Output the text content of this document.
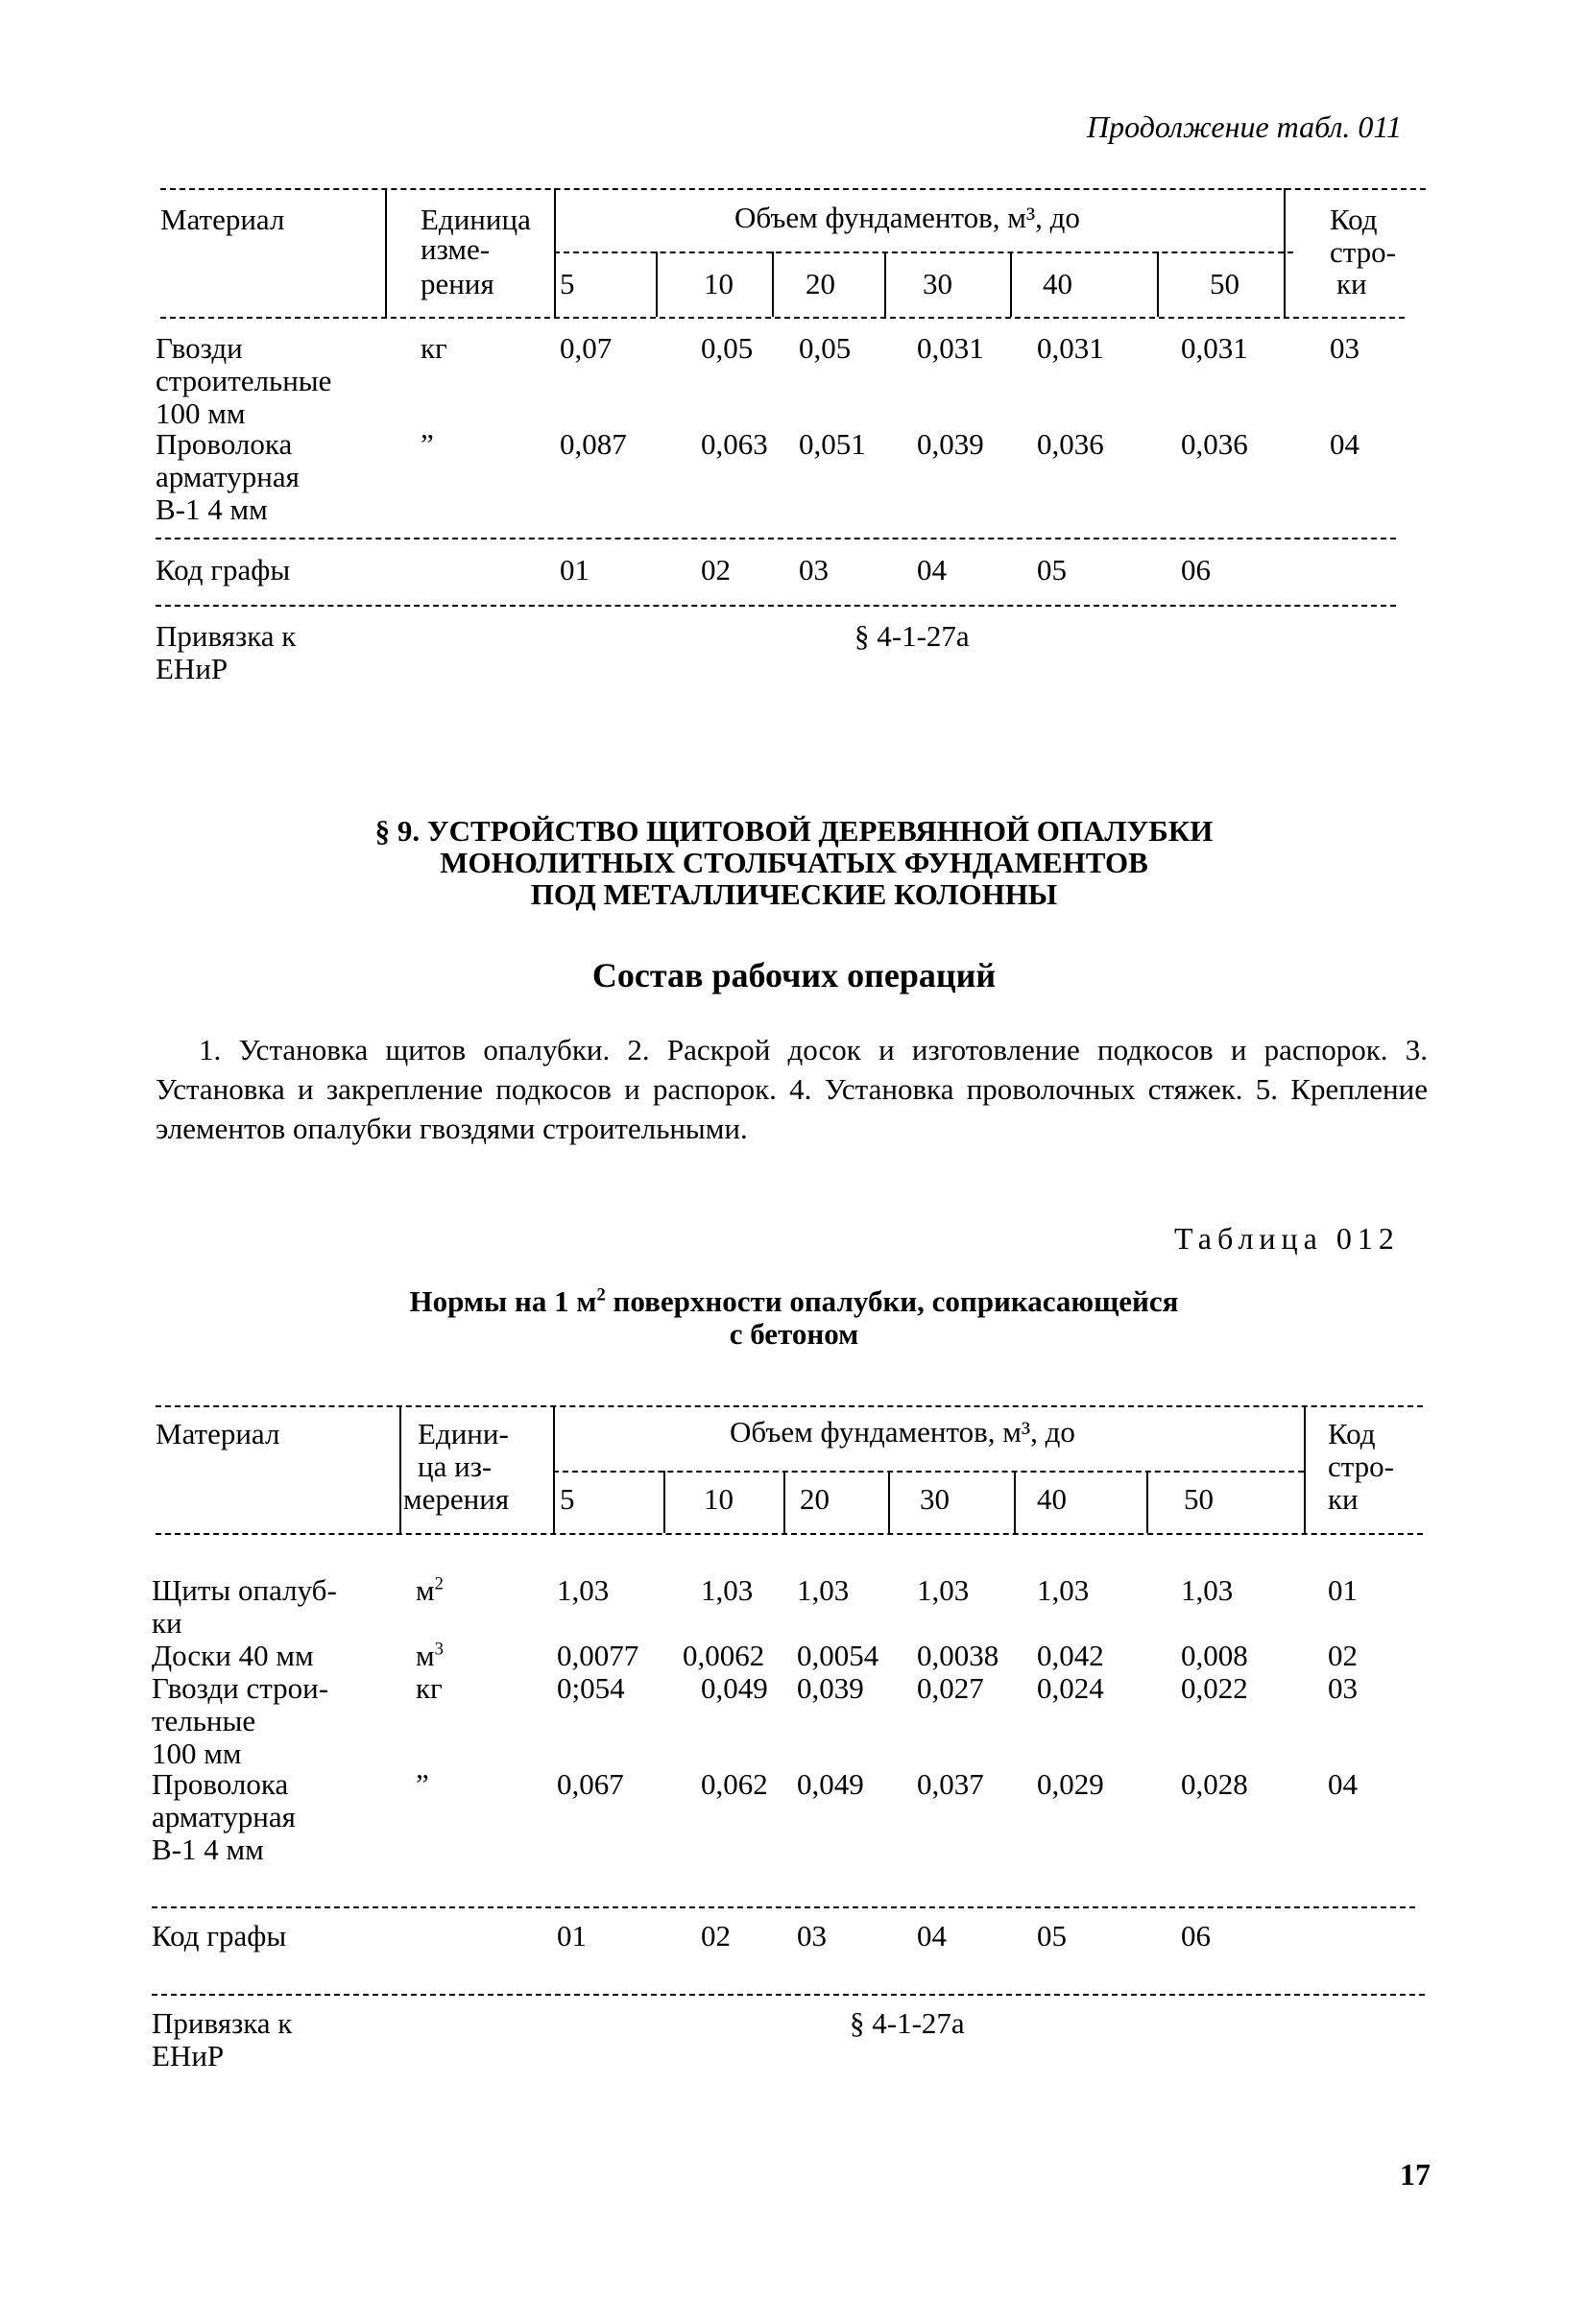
Продолжение табл. 011
Материал	Единица
изме-
рения
Объем фундаментов, м³, до	Код
стро-
ки
5	10 20	30	40	50
Гвозди
строительные
100 мм
кг	0,07	0,05 0,05 0,031 0,031	0,031	03
Проволока
арматурная
В-1 4 мм
”	0,087 0,063 0,051 0,039 0,036	0,036	04
Код графы	01	02 03	04	05	06
Привязка к
ЕНиР
§ 4-1-27а
§ 9. УСТРОЙСТВО ЩИТОВОЙ ДЕРЕВЯННОЙ ОПАЛУБКИ
МОНОЛИТНЫХ СТОЛБЧАТЫХ ФУНДАМЕНТОВ
ПОД МЕТАЛЛИЧЕСКИЕ КОЛОННЫ
Состав рабочих операций
1. Установка щитов опалубки. 2. Раскрой досок и изготовление подкосов и распорок. 3. Установка и закрепление подкосов и распорок. 4. Установка проволочных стяжек. 5. Крепление элементов опалубки гвоздями строительными.
Таблица 012
Нормы на 1 $м^2$ поверхности опалубки, соприкасающейся
с бетоном
Материал	Едини-
ца из-
мерения
Объем фундаментов, м³, до	Код
стро-
ки
5	10 20	30	40	50
Щиты опалуб-
ки
$м^2$	1,03	1,03 1,03 1,03 1,03	1,03	01
Доски 40 мм	$м^3$	0,0077 0,0062 0,0054 0,0038 0,042	0,008	02
Гвозди строи-
тельные
100 мм
кг	0;054	0,049 0,039 0,027 0,024	0,022	03
Проволока
арматурная
В-1 4 мм
”	0,067	0,062 0,049 0,037 0,029	0,028	04
Код графы	01	02 03	04	05	06
Привязка к
ЕНиР
§ 4-1-27а
17
